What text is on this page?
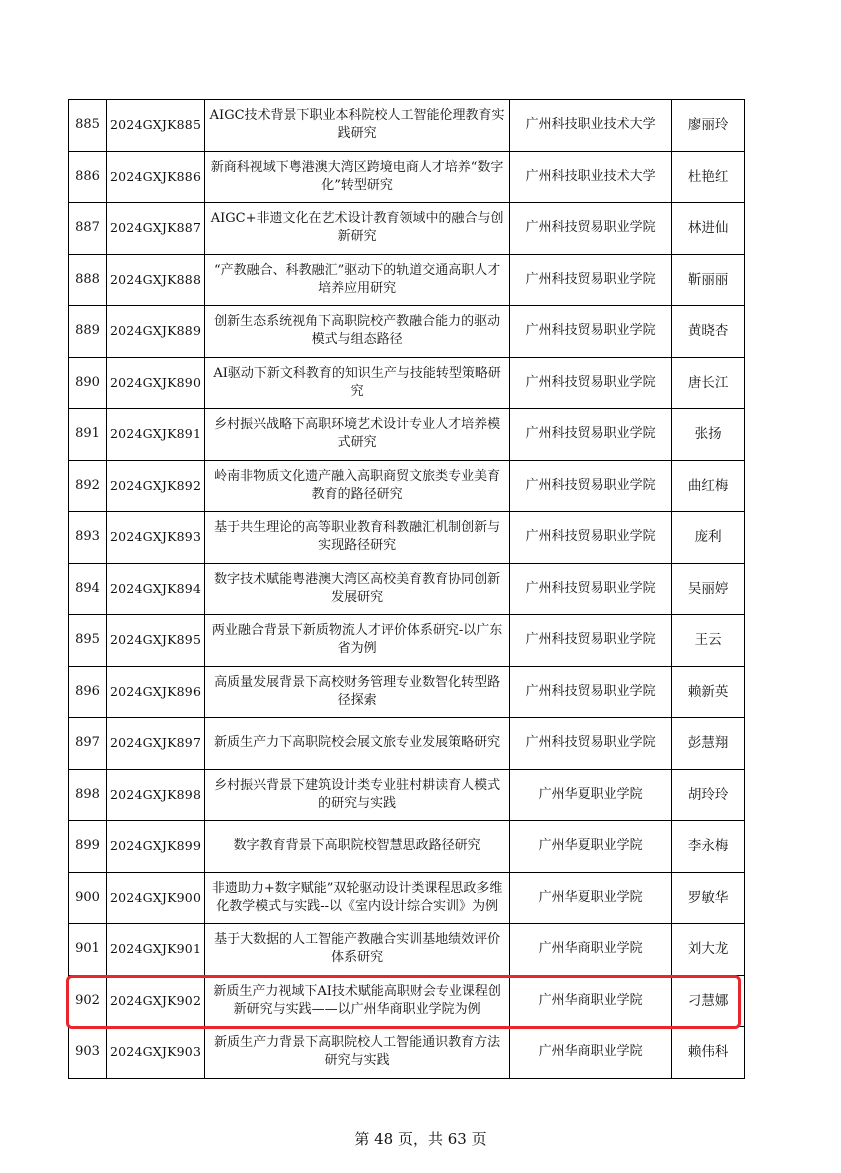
885	2024GXJK885	AIGC技术背景下职业本科院校人工智能伦理教育实践研究	广州科技职业技术大学	廖丽玲
886	2024GXJK886	新商科视域下粤港澳大湾区跨境电商人才培养“数字化”转型研究	广州科技职业技术大学	杜艳红
887	2024GXJK887	AIGC+非遗文化在艺术设计教育领域中的融合与创新研究	广州科技贸易职业学院	林进仙
888	2024GXJK888	“产教融合、科教融汇”驱动下的轨道交通高职人才培养应用研究	广州科技贸易职业学院	靳丽丽
889	2024GXJK889	创新生态系统视角下高职院校产教融合能力的驱动模式与组态路径	广州科技贸易职业学院	黄晓杏
890	2024GXJK890	AI驱动下新文科教育的知识生产与技能转型策略研究	广州科技贸易职业学院	唐长江
891	2024GXJK891	乡村振兴战略下高职环境艺术设计专业人才培养模式研究	广州科技贸易职业学院	张扬
892	2024GXJK892	岭南非物质文化遗产融入高职商贸文旅类专业美育教育的路径研究	广州科技贸易职业学院	曲红梅
893	2024GXJK893	基于共生理论的高等职业教育科教融汇机制创新与实现路径研究	广州科技贸易职业学院	庞利
894	2024GXJK894	数字技术赋能粤港澳大湾区高校美育教育协同创新发展研究	广州科技贸易职业学院	吴丽婷
895	2024GXJK895	两业融合背景下新质物流人才评价体系研究-以广东省为例	广州科技贸易职业学院	王云
896	2024GXJK896	高质量发展背景下高校财务管理专业数智化转型路径探索	广州科技贸易职业学院	赖新英
897	2024GXJK897	新质生产力下高职院校会展文旅专业发展策略研究	广州科技贸易职业学院	彭慧翔
898	2024GXJK898	乡村振兴背景下建筑设计类专业驻村耕读育人模式的研究与实践	广州华夏职业学院	胡玲玲
899	2024GXJK899	数字教育背景下高职院校智慧思政路径研究	广州华夏职业学院	李永梅
900	2024GXJK900	非遗助力+数字赋能”双轮驱动设计类课程思政多维化教学模式与实践--以《室内设计综合实训》为例	广州华夏职业学院	罗敏华
901	2024GXJK901	基于大数据的人工智能产教融合实训基地绩效评价体系研究	广州华商职业学院	刘大龙
902	2024GXJK902	新质生产力视域下AI技术赋能高职财会专业课程创新研究与实践——以广州华商职业学院为例	广州华商职业学院	刁慧娜
903	2024GXJK903	新质生产力背景下高职院校人工智能通识教育方法研究与实践	广州华商职业学院	赖伟科
第 48 页，共 63 页
